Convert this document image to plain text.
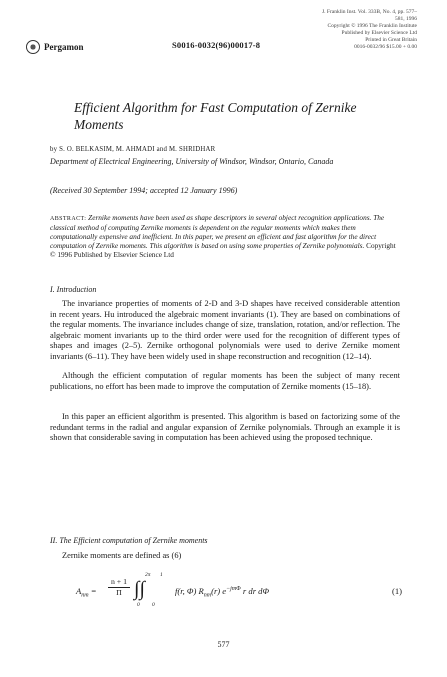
Pergamon	S0016-0032(96)00017-8
J. Franklin Inst. Vol. 333B, No. 4, pp. 577–581, 1996
Copyright © 1996 The Franklin Institute
Published by Elsevier Science Ltd
Printed in Great Britain
0016-0032/96 $15.00 + 0.00
Efficient Algorithm for Fast Computation of Zernike Moments
by S. O. BELKASIM, M. AHMADI and M. SHRIDHAR
Department of Electrical Engineering, University of Windsor, Windsor, Ontario, Canada
(Received 30 September 1994; accepted 12 January 1996)
ABSTRACT: Zernike moments have been used as shape descriptors in several object recognition applications. The classical method of computing Zernike moments is dependent on the regular moments which makes them computationally expensive and inefficient. In this paper, we present an efficient and fast algorithm for the direct computation of Zernike moments. This algorithm is based on using some properties of Zernike polynomials. Copyright © 1996 Published by Elsevier Science Ltd
I. Introduction
The invariance properties of moments of 2-D and 3-D shapes have received considerable attention in recent years. Hu introduced the algebraic moment invariants (1). They are based on combinations of the regular moments. The invariance includes change of size, translation, rotation, and/or reflection. The algebraic moment invariants up to the third order were used for the recognition of different types of shapes and images (2–5). Zernike orthogonal polynomials were used to derive Zernike moment invariants (6–11). They have been widely used in shape reconstruction and recognition (12–14).
Although the efficient computation of regular moments has been the subject of many recent publications, no effort has been made to improve the computation of Zernike moments (15–18).
In this paper an efficient algorithm is presented. This algorithm is based on factorizing some of the redundant terms in the radial and angular expansion of Zernike polynomials. Through an example it is shown that considerable saving in computation has been achieved using the proposed technique.
II. The Efficient computation of Zernike moments
Zernike moments are defined as (6)
$A_{nm} = \frac{n + 1}{\Pi}$ ∫∫
2π
0
1
0
f(r, Φ) $R_{nm}(r)$ $e^{-jm\Phi}$ r dr dΦ	(1)
577
